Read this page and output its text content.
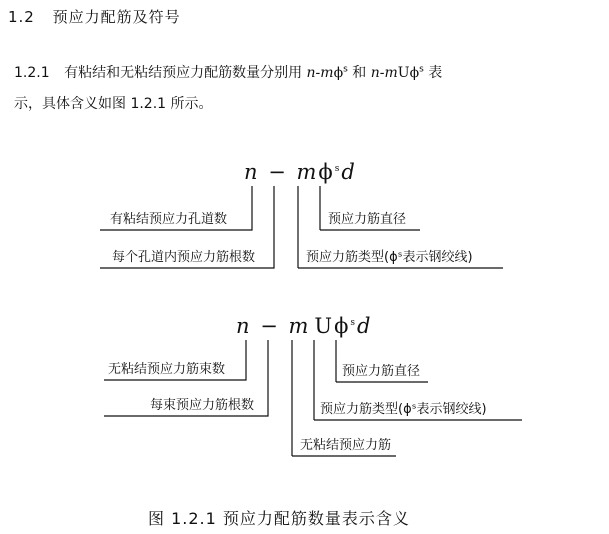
1.2 预应力配筋及符号
1.2.1 有粘结和无粘结预应力配筋数量分别用 $n-m\phi^s$ 和 n-mUϕ$^s$ 表
示，具体含义如图 1.2.1 所示。
$n - m\phi^sd$
有粘结预应力孔道数
每个孔道内预应力筋根数
预应力筋直径
预应力筋类型(ϕˢ表示钢绞线)
n − m $U\phi^sd$
无粘结预应力筋束数
每束预应力筋根数
预应力筋直径
预应力筋类型(ϕˢ表示钢绞线)
无粘结预应力筋
图 1.2.1 预应力配筋数量表示含义
